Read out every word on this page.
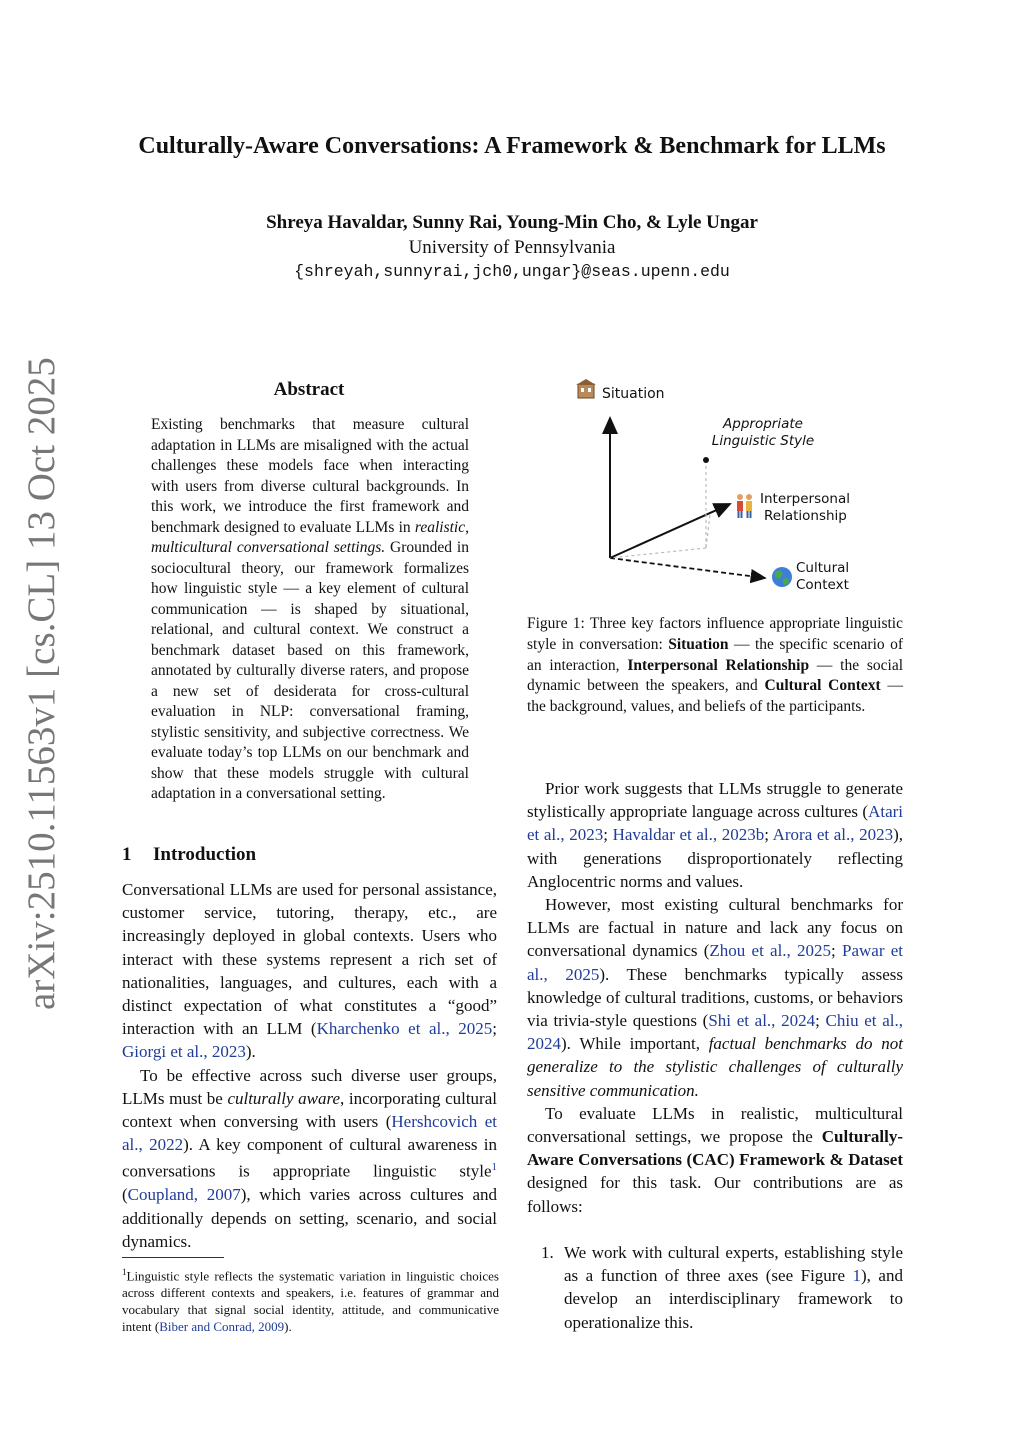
Culturally-Aware Conversations: A Framework & Benchmark for LLMs
Shreya Havaldar, Sunny Rai, Young-Min Cho, & Lyle Ungar
University of Pennsylvania
{shreyah,sunnyrai,jch0,ungar}@seas.upenn.edu
arXiv:2510.11563v1 [cs.CL] 13 Oct 2025	Abstract
Existing benchmarks that measure cultural adaptation in LLMs are misaligned with the actual challenges these models face when interacting with users from diverse cultural backgrounds. In this work, we introduce the first framework and benchmark designed to evaluate LLMs in realistic, multicultural conversational settings. Grounded in sociocultural theory, our framework formalizes how linguistic style — a key element of cultural communication — is shaped by situational, relational, and cultural context. We construct a benchmark dataset based on this framework, annotated by culturally diverse raters, and propose a new set of desiderata for cross-cultural evaluation in NLP: conversational framing, stylistic sensitivity, and subjective correctness. We evaluate today’s top LLMs on our benchmark and show that these models struggle with cultural adaptation in a conversational setting.
1 Introduction

Conversational LLMs are used for personal assistance, customer service, tutoring, therapy, etc., are increasingly deployed in global contexts. Users who interact with these systems represent a rich set of nationalities, languages, and cultures, each with a distinct expectation of what constitutes a “good” interaction with an LLM (Kharchenko et al., 2025; Giorgi et al., 2023).

To be effective across such diverse user groups, LLMs must be culturally aware, incorporating cultural context when conversing with users (Hershcovich et al., 2022). A key component of cultural awareness in conversations is appropriate linguistic style$^1$ (Coupland, 2007), which varies across cultures and additionally depends on setting, scenario, and social dynamics.

$^1$Linguistic style reflects the systematic variation in linguistic choices across different contexts and speakers, i.e. features of grammar and vocabulary that signal social identity, attitude, and communicative intent (Biber and Conrad, 2009).
Situation
Appropriate
Linguistic Style
Interpersonal
Relationship
Cultural
Context
Figure 1: Three key factors influence appropriate linguistic style in conversation: Situation — the specific scenario of an interaction, Interpersonal Relationship — the social dynamic between the speakers, and Cultural Context — the background, values, and beliefs of the participants.

Prior work suggests that LLMs struggle to generate stylistically appropriate language across cultures (Atari et al., 2023; Havaldar et al., 2023b; Arora et al., 2023), with generations disproportionately reflecting Anglocentric norms and values.

However, most existing cultural benchmarks for LLMs are factual in nature and lack any focus on conversational dynamics (Zhou et al., 2025; Pawar et al., 2025). These benchmarks typically assess knowledge of cultural traditions, customs, or behaviors via trivia-style questions (Shi et al., 2024; Chiu et al., 2024). While important, factual benchmarks do not generalize to the stylistic challenges of culturally sensitive communication.

To evaluate LLMs in realistic, multicultural conversational settings, we propose the Culturally-Aware Conversations (CAC) Framework & Dataset designed for this task. Our contributions are as follows:

1. We work with cultural experts, establishing style as a function of three axes (see Figure 1), and develop an interdisciplinary framework to operationalize this.
